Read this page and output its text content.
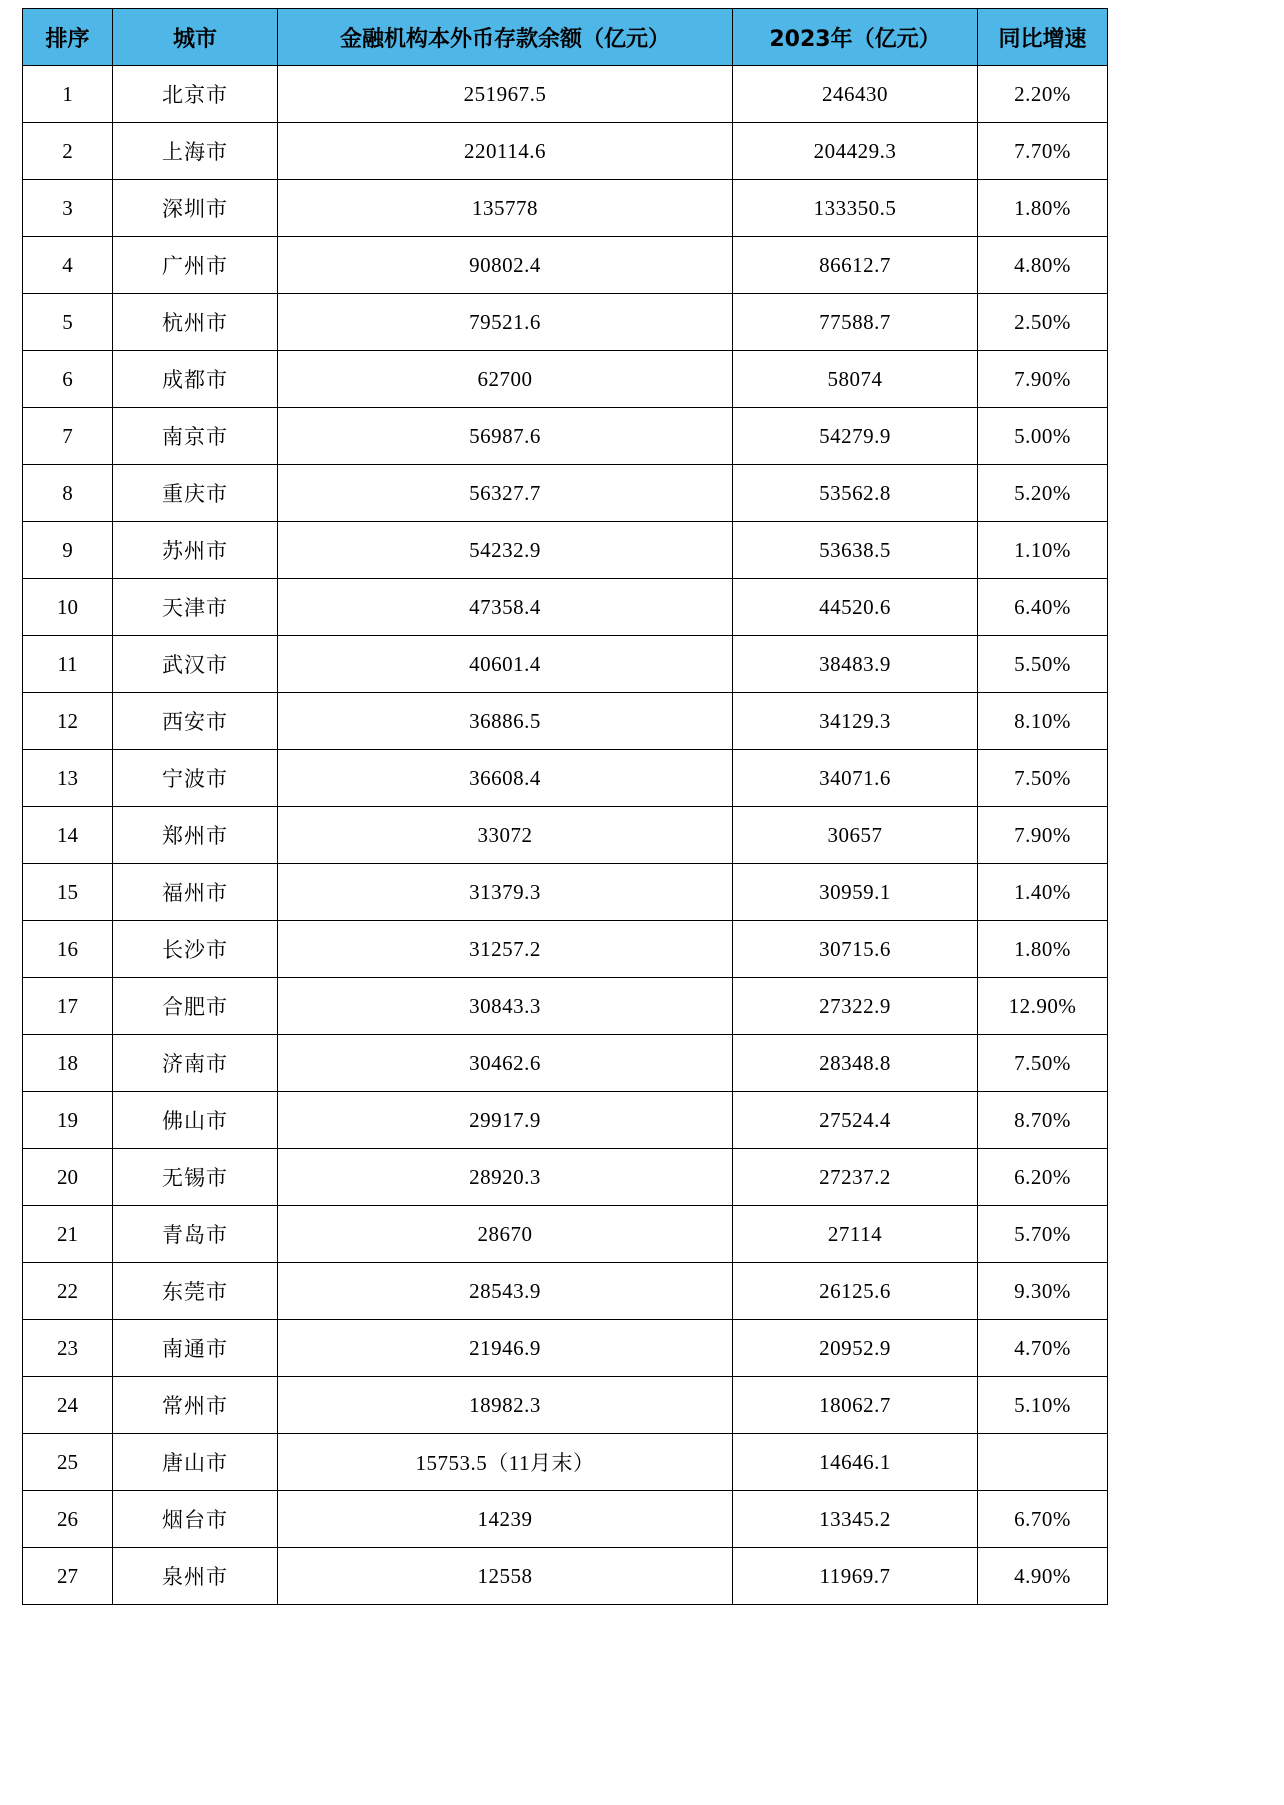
排序	城市	金融机构本外币存款余额（亿元）	2023年（亿元）	同比增速
1	北京市	251967.5	246430	2.20%
2	上海市	220114.6	204429.3	7.70%
3	深圳市	135778	133350.5	1.80%
4	广州市	90802.4	86612.7	4.80%
5	杭州市	79521.6	77588.7	2.50%
6	成都市	62700	58074	7.90%
7	南京市	56987.6	54279.9	5.00%
8	重庆市	56327.7	53562.8	5.20%
9	苏州市	54232.9	53638.5	1.10%
10	天津市	47358.4	44520.6	6.40%
11	武汉市	40601.4	38483.9	5.50%
12	西安市	36886.5	34129.3	8.10%
13	宁波市	36608.4	34071.6	7.50%
14	郑州市	33072	30657	7.90%
15	福州市	31379.3	30959.1	1.40%
16	长沙市	31257.2	30715.6	1.80%
17	合肥市	30843.3	27322.9	12.90%
18	济南市	30462.6	28348.8	7.50%
19	佛山市	29917.9	27524.4	8.70%
20	无锡市	28920.3	27237.2	6.20%
21	青岛市	28670	27114	5.70%
22	东莞市	28543.9	26125.6	9.30%
23	南通市	21946.9	20952.9	4.70%
24	常州市	18982.3	18062.7	5.10%
25	唐山市	15753.5（11月末）	14646.1	
26	烟台市	14239	13345.2	6.70%
27	泉州市	12558	11969.7	4.90%
